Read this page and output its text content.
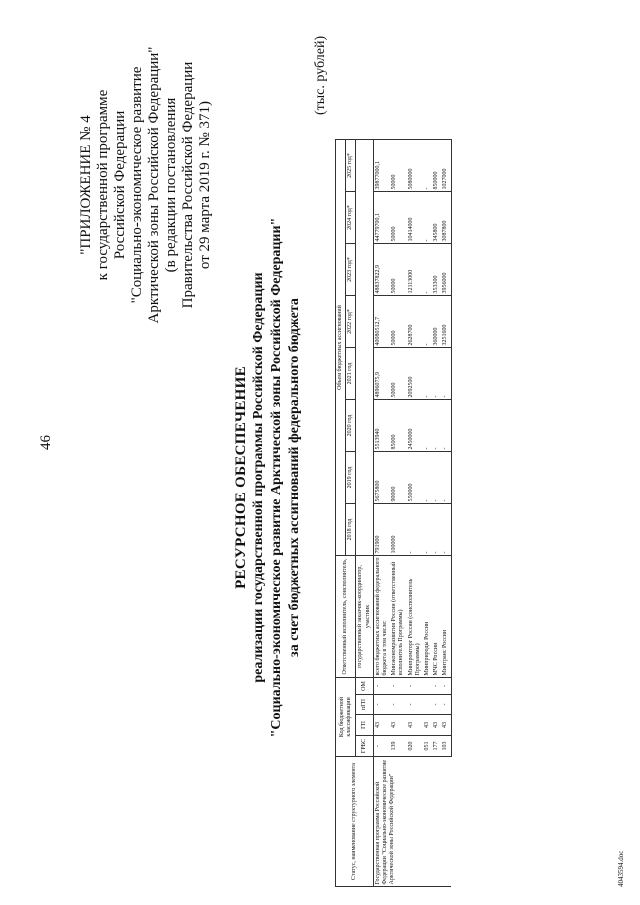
46
"ПРИЛОЖЕНИЕ № 4 к государственной программе Российской Федерации "Социально-экономическое развитие Арктической зоны Российской Федерации" (в редакции постановления Правительства Российской Федерации от 29 марта 2019 г. № 371)
РЕСУРСНОЕ ОБЕСПЕЧЕНИЕ реализации государственной программы Российской Федерации "Социально-экономическое развитие Арктической зоны Российской Федерации" за счет бюджетных ассигнований федерального бюджета
(тыс. рублей)
Статус, наименование структурного элемента	Код бюджетной классификации				Ответственный исполнитель, соисполнитель,	Объем бюджетных ассигнований							
						2018 год	2019 год	2020 год	2021 год	2022 год*	2023 год*	2024 год*	2025 год*
	ГРБС	ГП	пГП	ОМ	государственный заказчик-координатор, участник								
Государственная программа Российской Федерации "Социально-экономическое развитие Арктической зоны Российской Федерации"	-	43	-	-	всего бюджетных ассигнований федерального бюджета в том числе:	791900	5675800	5513940	4896075,9	40080512,7	48837822,9	44779700,1	39877000,1
	139	43	-	-	Минэкономразвития России (ответственный исполнитель Программы)	100000	90000	85000	50000	50000	50000	50000	50000
	020	43	-	-	Минпромторг России (соисполнитель Программы)	-	550000	2450000	2092500	2628700	12113000	10414000	5080000
	051	43			Минприроды России	-	-	-	-	-	-	-	-
	177	43	-	-	МЧС России	-	-	-	-	360000	353300	345800	850000
	103	43	-	-	Минтранс России	-	-	-	-	3251600	3956000	3087800	1027000
4043594.doc
